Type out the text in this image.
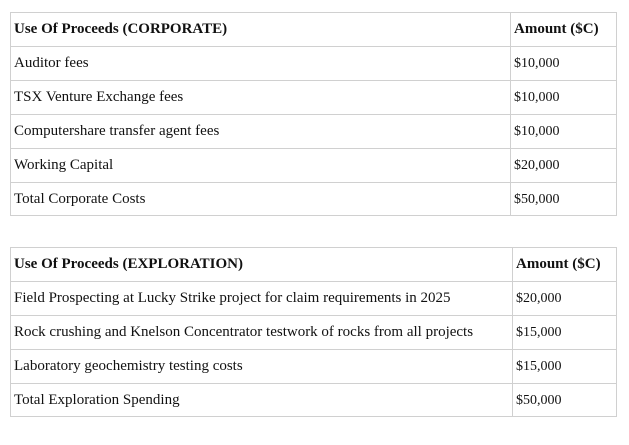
Use Of Proceeds (CORPORATE)	Amount ($C)
Auditor fees	$10,000
TSX Venture Exchange fees	$10,000
Computershare transfer agent fees	$10,000
Working Capital	$20,000
Total Corporate Costs	$50,000
Use Of Proceeds (EXPLORATION)	Amount ($C)
Field Prospecting at Lucky Strike project for claim requirements in 2025	$20,000
Rock crushing and Knelson Concentrator testwork of rocks from all projects	$15,000
Laboratory geochemistry testing costs	$15,000
Total Exploration Spending	$50,000
